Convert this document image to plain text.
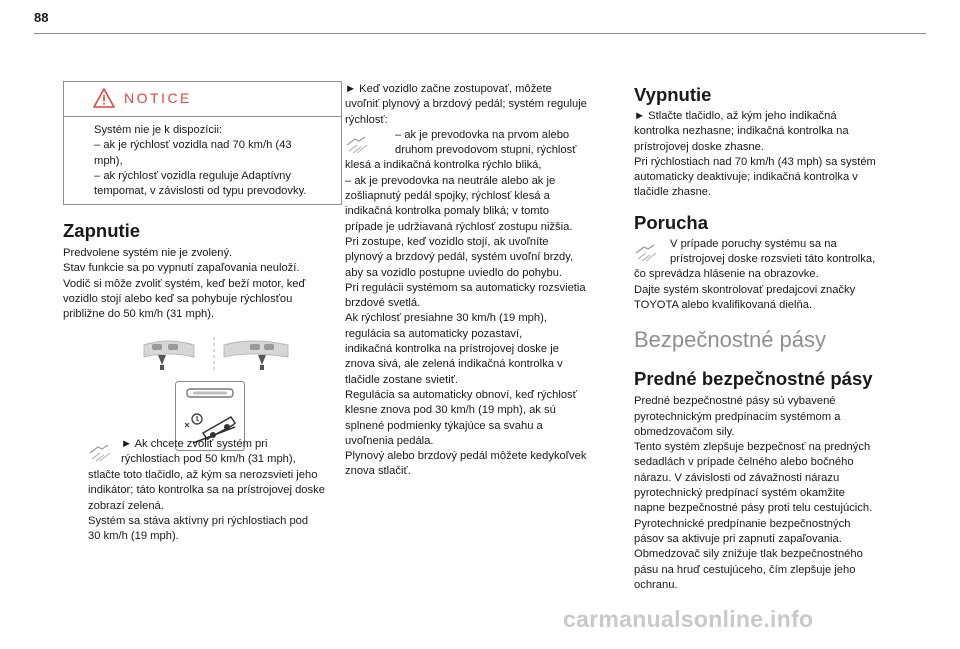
88
NOTICE

Systém nie je k dispozícii:

– ak je rýchlosť vozidla nad 70 km/h (43

mph),

– ak rýchlosť vozidla reguluje Adaptívny

tempomat, v závislosti od typu prevodovky.

Zapnutie

Predvolene systém nie je zvolený.

Stav funkcie sa po vypnutí zapaľovania neuloží.

Vodič si môže zvoliť systém, keď beží motor, keď

vozidlo stojí alebo keď sa pohybuje rýchlosťou

približne do 50 km/h (31 mph).

► Ak chcete zvoliť systém pri

rýchlostiach pod 50 km/h (31 mph),

stlačte toto tlačidlo, až kým sa nerozsvieti jeho

indikátor; táto kontrolka sa na prístrojovej doske

zobrazí zelená.

Systém sa stáva aktívny pri rýchlostiach pod

30 km/h (19 mph).

► Keď vozidlo začne zostupovať, môžete

uvoľniť plynový a brzdový pedál; systém reguluje

rýchlosť:

– ak je prevodovka na prvom alebo

druhom prevodovom stupni, rýchlosť

klesá a indikačná kontrolka rýchlo bliká,

– ak je prevodovka na neutrále alebo ak je

zošliapnutý pedál spojky, rýchlosť klesá a

indikačná kontrolka pomaly bliká; v tomto

prípade je udržiavaná rýchlosť zostupu nižšia.

Pri zostupe, keď vozidlo stojí, ak uvoľníte

plynový a brzdový pedál, systém uvoľní brzdy,

aby sa vozidlo postupne uviedlo do pohybu.

Pri regulácii systémom sa automaticky rozsvietia

brzdové svetlá.

Ak rýchlosť presiahne 30 km/h (19 mph),

regulácia sa automaticky pozastaví,

indikačná kontrolka na prístrojovej doske je

znova sivá, ale zelená indikačná kontrolka v

tlačidle zostane svietiť.

Regulácia sa automaticky obnoví, keď rýchlosť

klesne znova pod 30 km/h (19 mph), ak sú

splnené podmienky týkajúce sa svahu a

uvoľnenia pedála.

Plynový alebo brzdový pedál môžete kedykoľvek

znova stlačiť.

Vypnutie

► Stlačte tlačidlo, až kým jeho indikačná

kontrolka nezhasne; indikačná kontrolka na

prístrojovej doske zhasne.

Pri rýchlostiach nad 70 km/h (43 mph) sa systém

automaticky deaktivuje; indikačná kontrolka v

tlačidle zhasne.

Porucha

V prípade poruchy systému sa na

prístrojovej doske rozsvieti táto kontrolka,

čo sprevádza hlásenie na obrazovke.

Dajte systém skontrolovať predajcovi značky

TOYOTA alebo kvalifikovaná dielňa.

Bezpečnostné pásy
Predné bezpečnostné pásy

Predné bezpečnostné pásy sú vybavené

pyrotechnickým predpínacím systémom a

obmedzovačom sily.

Tento systém zlepšuje bezpečnosť na predných

sedadlách v prípade čelného alebo bočného

nárazu. V závislosti od závažnosti nárazu

pyrotechnický predpínací systém okamžite

napne bezpečnostné pásy proti telu cestujúcich.

Pyrotechnické predpínanie bezpečnostných

pásov sa aktivuje pri zapnutí zapaľovania.

Obmedzovač sily znižuje tlak bezpečnostného

pásu na hruď cestujúceho, čím zlepšuje jeho

ochranu.

carmanualsonline.info
